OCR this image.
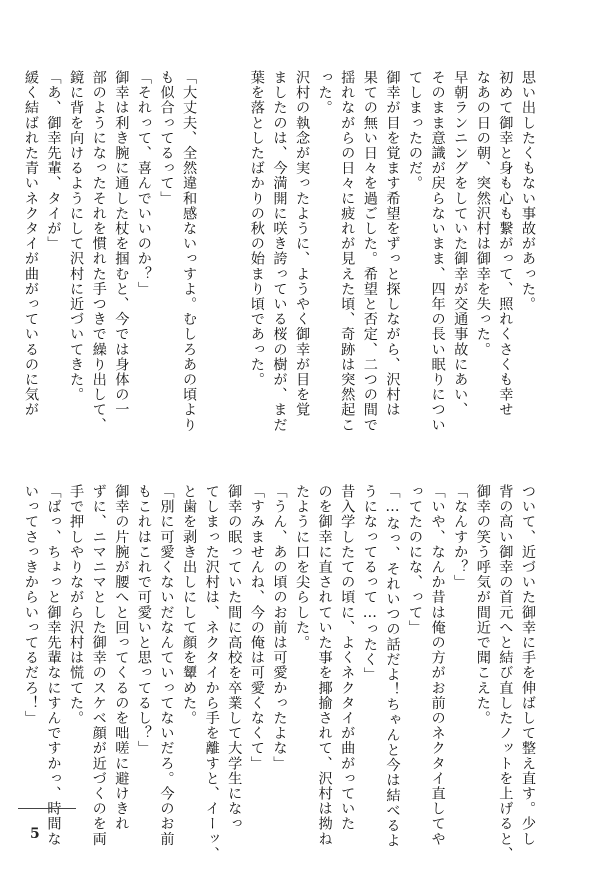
思い出したくもない事故があった。
初めて御幸と身も心も繋がって、照れくさくも幸せ
なあの日の朝、突然沢村は御幸を失った。
早朝ランニングをしていた御幸が交通事故にあい、
そのまま意識が戻らないまま、四年の長い眠りについ
てしまったのだ。
御幸が目を覚ます希望をずっと探しながら、沢村は
果ての無い日々を過ごした。希望と否定、二つの間で
揺れながらの日々に疲れが見えた頃、奇跡は突然起こ
った。
沢村の執念が実ったように、ようやく御幸が目を覚
ましたのは、今満開に咲き誇っている桜の樹が、まだ
葉を落としたばかりの秋の始まり頃であった。
「大丈夫、全然違和感ないっすよ。むしろあの頃より
も似合ってるって」
「それって、喜んでいいのか？」
御幸は利き腕に通した杖を掴むと、今では身体の一
部のようになったそれを慣れた手つきで繰り出して、
鏡に背を向けるようにして沢村に近づいてきた。
「あ、御幸先輩、タイが」
緩く結ばれた青いネクタイが曲がっているのに気が
ついて、近づいた御幸に手を伸ばして整え直す。少し
背の高い御幸の首元へと結び直したノットを上げると、
御幸の笑う呼気が間近で聞こえた。
「なんすか？」
「いや、なんか昔は俺の方がお前のネクタイ直してや
ってたのにな、って」
「…なっ、それいつの話だよ！ちゃんと今は結べるよ
うになってるって…ったく」
昔入学したての頃に、よくネクタイが曲がっていた
のを御幸に直されていた事を揶揄されて、沢村は拗ね
たように口を尖らした。
「うん、あの頃のお前は可愛かったよな」
「すみませんね、今の俺は可愛くなくて」
御幸の眠っていた間に高校を卒業して大学生になっ
てしまった沢村は、ネクタイから手を離すと、イーッ、
と歯を剥き出しにして顔を顰めた。
「別に可愛くないだなんていってないだろ。今のお前
もこれはこれで可愛いと思ってるし？」
御幸の片腕が腰へと回ってくるのを咄嗟に避けきれ
ずに、ニマニマとした御幸のスケベ顔が近づくのを両
手で押しやりながら沢村は慌てた。
「ばっ、ちょっと御幸先輩なにすんですかっ、時間な
いってさっきからいってるだろ！」
5
